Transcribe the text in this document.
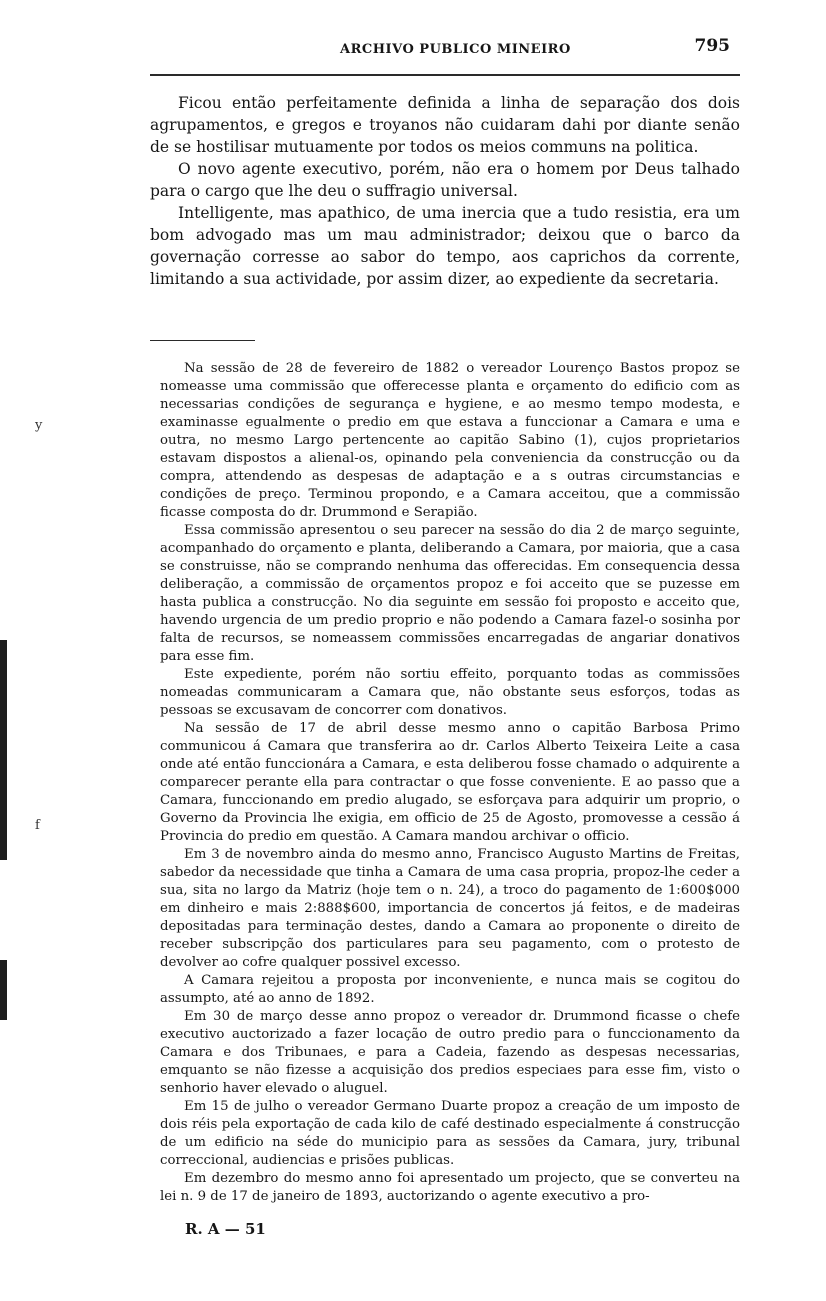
ARCHIVO PUBLICO MINEIRO	795

Ficou então perfeitamente definida a linha de separação dos dois agrupamentos, e gregos e troyanos não cuidaram dahi por diante senão de se hostilisar mutuamente por todos os meios communs na politica.

O novo agente executivo, porém, não era o homem por Deus talhado para o cargo que lhe deu o suffragio universal.

Intelligente, mas apathico, de uma inercia que a tudo resistia, era um bom advogado mas um mau administrador; deixou que o barco da governação corresse ao sabor do tempo, aos caprichos da corrente, limitando a sua actividade, por assim dizer, ao expediente da secretaria.

Na sessão de 28 de fevereiro de 1882 o vereador Lourenço Bastos propoz se nomeasse uma commissão que offerecesse planta e orçamento do edificio com as necessarias condições de segurança e hygiene, e ao mesmo tempo modesta, e examinasse egualmente o predio em que estava a funccionar a Camara e uma e outra, no mesmo Largo pertencente ao capitão Sabino (1), cujos proprietarios estavam dispostos a alienal-os, opinando pela conveniencia da construcção ou da compra, attendendo as despesas de adaptação e a s outras circumstancias e condições de preço. Terminou propondo, e a Camara acceitou, que a commissão ficasse composta do dr. Drummond e Serapião.

Essa commissão apresentou o seu parecer na sessão do dia 2 de março seguinte, acompanhado do orçamento e planta, deliberando a Camara, por maioria, que a casa se construisse, não se comprando nenhuma das offerecidas. Em consequencia dessa deliberação, a commissão de orçamentos propoz e foi acceito que se puzesse em hasta publica a construcção. No dia seguinte em sessão foi proposto e acceito que, havendo urgencia de um predio proprio e não podendo a Camara fazel-o sosinha por falta de recursos, se nomeassem commissões encarregadas de angariar donativos para esse fim.

Este expediente, porém não sortiu effeito, porquanto todas as commissões nomeadas communicaram a Camara que, não obstante seus esforços, todas as pessoas se excusavam de concorrer com donativos.

Na sessão de 17 de abril desse mesmo anno o capitão Barbosa Primo communicou á Camara que transferira ao dr. Carlos Alberto Teixeira Leite a casa onde até então funccionára a Camara, e esta deliberou fosse chamado o adquirente a comparecer perante ella para contractar o que fosse conveniente. E ao passo que a Camara, funccionando em predio alugado, se esforçava para adquirir um proprio, o Governo da Provincia lhe exigia, em officio de 25 de Agosto, promovesse a cessão á Provincia do predio em questão. A Camara mandou archivar o officio.

Em 3 de novembro ainda do mesmo anno, Francisco Augusto Martins de Freitas, sabedor da necessidade que tinha a Camara de uma casa propria, propoz-lhe ceder a sua, sita no largo da Matriz (hoje tem o n. 24), a troco do pagamento de 1:600$000 em dinheiro e mais 2:888$600, importancia de concertos já feitos, e de madeiras depositadas para terminação destes, dando a Camara ao proponente o direito de receber subscripção dos particulares para seu pagamento, com o protesto de devolver ao cofre qualquer possivel excesso.

A Camara rejeitou a proposta por inconveniente, e nunca mais se cogitou do assumpto, até ao anno de 1892.

Em 30 de março desse anno propoz o vereador dr. Drummond ficasse o chefe executivo auctorizado a fazer locação de outro predio para o funccionamento da Camara e dos Tribunaes, e para a Cadeia, fazendo as despesas necessarias, emquanto se não fizesse a acquisição dos predios especiaes para esse fim, visto o senhorio haver elevado o aluguel.

Em 15 de julho o vereador Germano Duarte propoz a creação de um imposto de dois réis pela exportação de cada kilo de café destinado especialmente á construcção de um edificio na séde do municipio para as sessões da Camara, jury, tribunal correccional, audiencias e prisões publicas.

Em dezembro do mesmo anno foi apresentado um projecto, que se converteu na lei n. 9 de 17 de janeiro de 1893, auctorizando o agente executivo a pro-

y
f
R. A — 51
